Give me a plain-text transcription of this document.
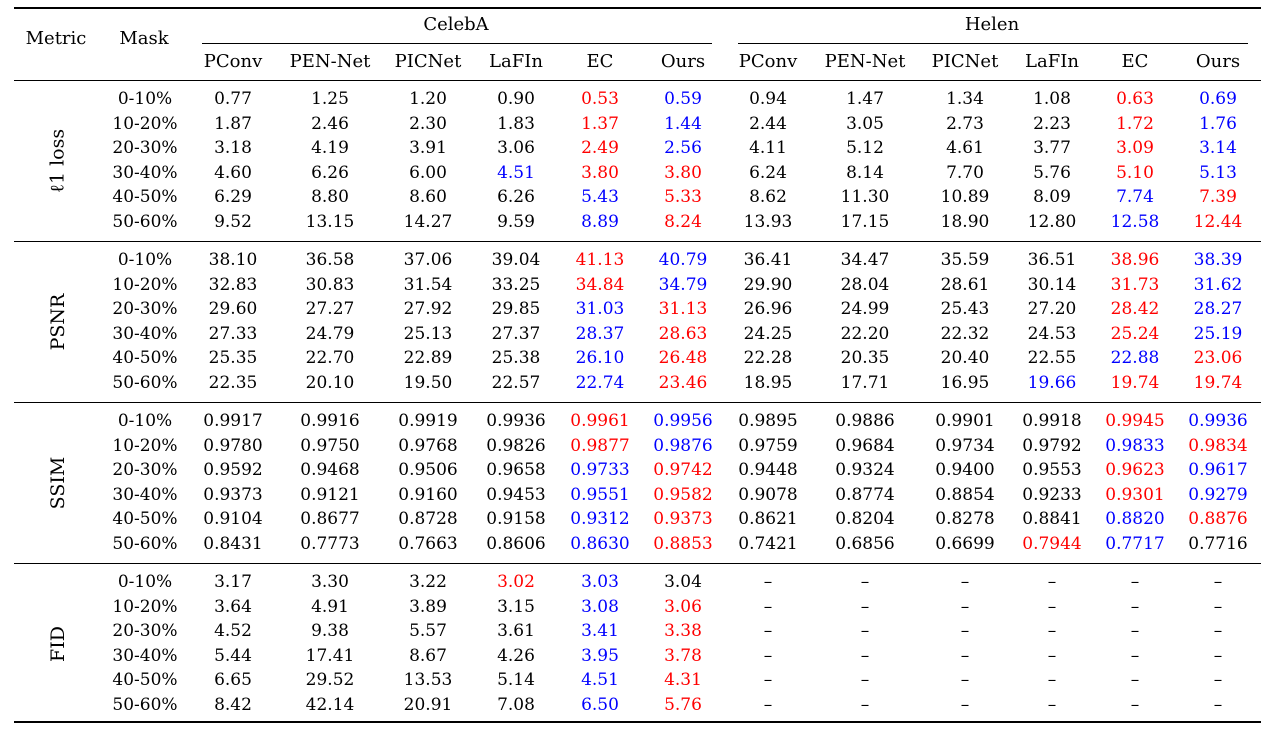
Metric Mask
CelebA	Helen
PConv PEN-Net PICNet LaFIn EC	Ours PConv PEN-Net PICNet LaFIn EC	Ours
ℓ1 loss
0-10% 0.77	1.25	1.20	0.90	0.53	0.59	0.94	1.47	1.34	1.08	0.63	0.69
10-20% 1.87	2.46	2.30	1.83	1.37	1.44	2.44	3.05	2.73	2.23	1.72	1.76
20-30% 3.18	4.19	3.91	3.06	2.49	2.56	4.11	5.12	4.61	3.77	3.09	3.14
30-40% 4.60	6.26	6.00	4.51	3.80	3.80	6.24	8.14	7.70	5.76	5.10	5.13
40-50% 6.29	8.80	8.60	6.26	5.43	5.33	8.62	11.30	10.89	8.09	7.74	7.39
50-60% 9.52	13.15	14.27	9.59	8.89	8.24 13.93	17.15	18.90 12.80 12.58 12.44
PSNR
0-10% 38.10	36.58	37.06 39.04 41.13 40.79 36.41	34.47	35.59 36.51 38.96 38.39
10-20% 32.83	30.83	31.54 33.25 34.84 34.79 29.90	28.04	28.61 30.14 31.73 31.62
20-30% 29.60	27.27	27.92 29.85 31.03 31.13 26.96	24.99	25.43 27.20 28.42 28.27
30-40% 27.33	24.79	25.13 27.37 28.37 28.63 24.25	22.20	22.32 24.53 25.24 25.19
40-50% 25.35	22.70	22.89 25.38 26.10 26.48 22.28	20.35	20.40 22.55 22.88 23.06
50-60% 22.35	20.10	19.50 22.57 22.74 23.46 18.95	17.71	16.95 19.66 19.74 19.74
SSIM
0-10% 0.9917 0.9916 0.9919 0.9936 0.9961 0.9956 0.9895 0.9886 0.9901 0.9918 0.9945 0.9936
10-20% 0.9780 0.9750 0.9768 0.9826 0.9877 0.9876 0.9759 0.9684 0.9734 0.9792 0.9833 0.9834
20-30% 0.9592 0.9468 0.9506 0.9658 0.9733 0.9742 0.9448 0.9324 0.9400 0.9553 0.9623 0.9617
30-40% 0.9373 0.9121 0.9160 0.9453 0.9551 0.9582 0.9078 0.8774 0.8854 0.9233 0.9301 0.9279
40-50% 0.9104 0.8677 0.8728 0.9158 0.9312 0.9373 0.8621 0.8204 0.8278 0.8841 0.8820 0.8876
50-60% 0.8431 0.7773 0.7663 0.8606 0.8630 0.8853 0.7421 0.6856 0.6699 0.7944 0.7717 0.7716
FID
0-10% 3.17	3.30	3.22	3.02	3.03	3.04	–	–	–	–	–	–
10-20% 3.64	4.91	3.89	3.15	3.08	3.06	–	–	–	–	–	–
20-30% 4.52	9.38	5.57	3.61	3.41	3.38	–	–	–	–	–	–
30-40% 5.44	17.41	8.67	4.26	3.95	3.78	–	–	–	–	–	–
40-50% 6.65	29.52	13.53	5.14	4.51	4.31	–	–	–	–	–	–
50-60% 8.42	42.14	20.91	7.08	6.50	5.76	–	–	–	–	–	–
